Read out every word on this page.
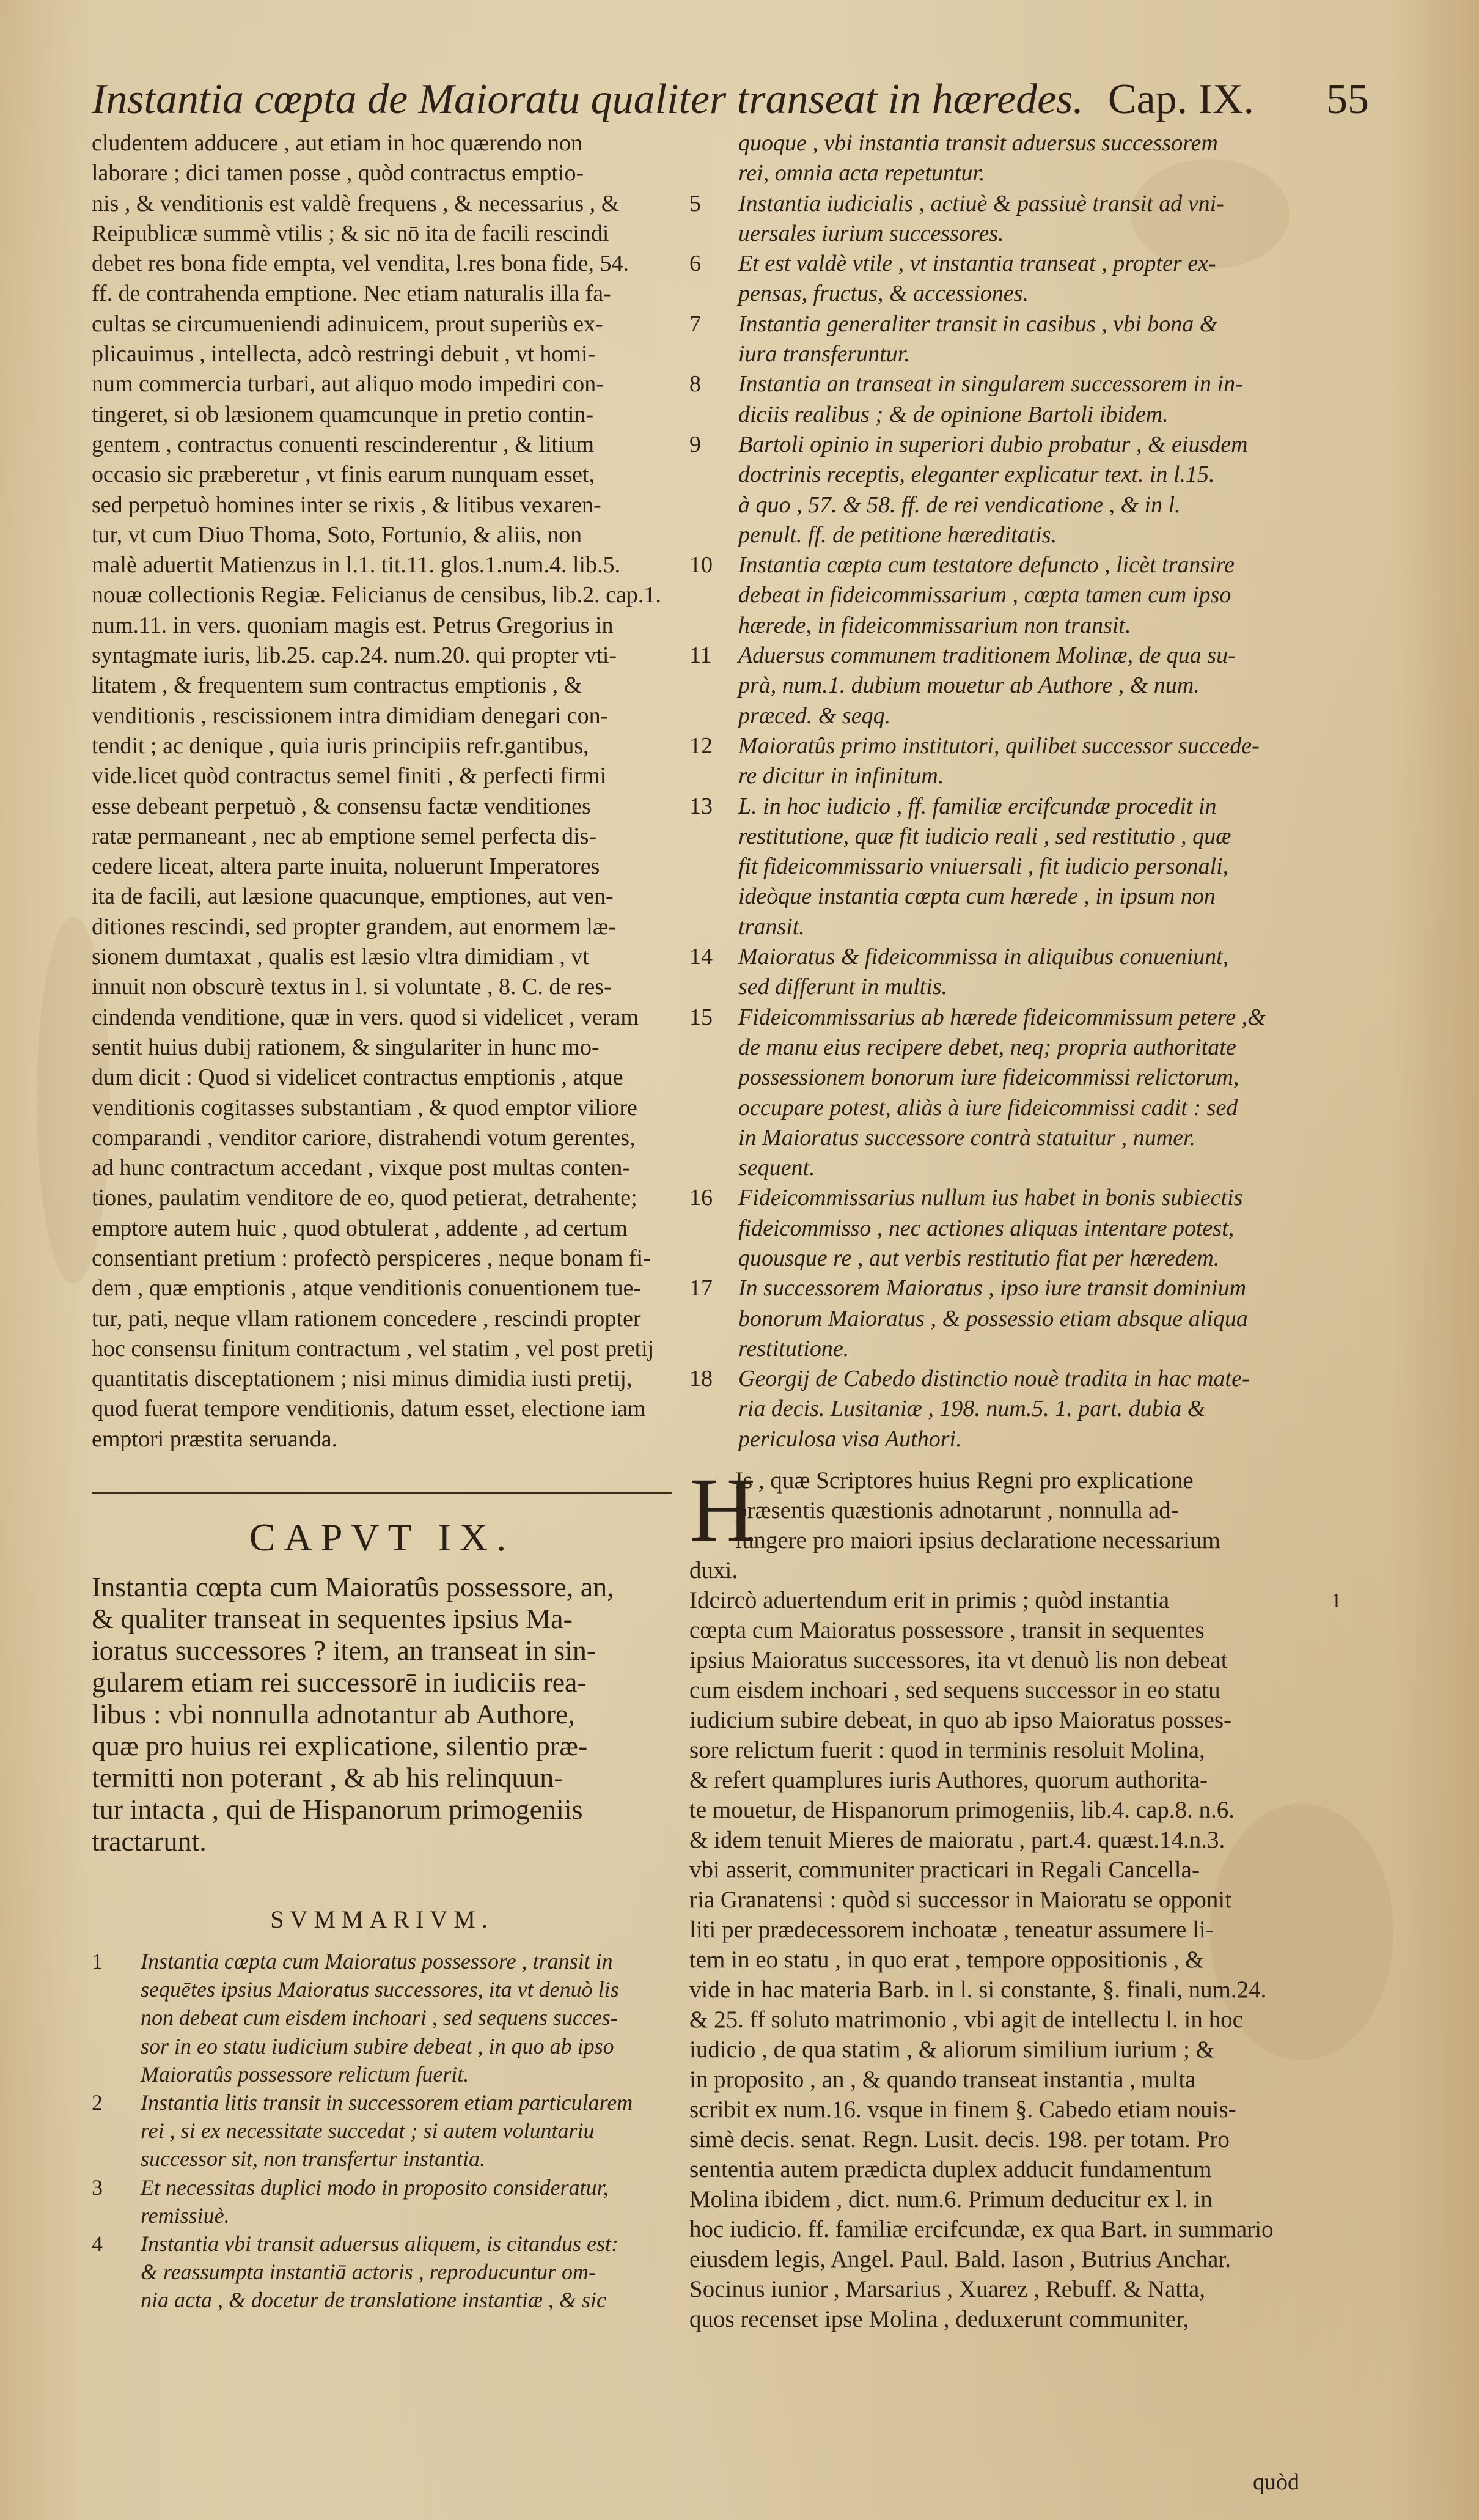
Instantia cœpta de Maioratu qualiter transeat in hæredes. Cap. IX. 55
cludentem adducere , aut etiam in hoc quærendo non
laborare ; dici tamen posse , quòd contractus emptio-
nis , & venditionis est valdè frequens , & necessarius , &
Reipublicæ summè vtilis ; & sic nō ita de facili rescindi
debet res bona fide empta, vel vendita, l.res bona fide, 54.
ff. de contrahenda emptione. Nec etiam naturalis illa fa-
cultas se circumueniendi adinuicem, prout superiùs ex-
plicauimus , intellecta, adcò restringi debuit , vt homi-
num commercia turbari, aut aliquo modo impediri con-
tingeret, si ob læsionem quamcunque in pretio contin-
gentem , contractus conuenti rescinderentur , & litium
occasio sic præberetur , vt finis earum nunquam esset,
sed perpetuò homines inter se rixis , & litibus vexaren-
tur, vt cum Diuo Thoma, Soto, Fortunio, & aliis, non
malè aduertit Matienzus in l.1. tit.11. glos.1.num.4. lib.5.
nouæ collectionis Regiæ. Felicianus de censibus, lib.2. cap.1.
num.11. in vers. quoniam magis est. Petrus Gregorius in
syntagmate iuris, lib.25. cap.24. num.20. qui propter vti-
litatem , & frequentem sum contractus emptionis , &
venditionis , rescissionem intra dimidiam denegari con-
tendit ; ac denique , quia iuris principiis refr.gantibus,
vide.licet quòd contractus semel finiti , & perfecti firmi
esse debeant perpetuò , & consensu factæ venditiones
ratæ permaneant , nec ab emptione semel perfecta dis-
cedere liceat, altera parte inuita, noluerunt Imperatores
ita de facili, aut læsione quacunque, emptiones, aut ven-
ditiones rescindi, sed propter grandem, aut enormem læ-
sionem dumtaxat , qualis est læsio vltra dimidiam , vt
innuit non obscurè textus in l. si voluntate , 8. C. de res-
cindenda venditione, quæ in vers. quod si videlicet , veram
sentit huius dubij rationem, & singulariter in hunc mo-
dum dicit : Quod si videlicet contractus emptionis , atque
venditionis cogitasses substantiam , & quod emptor viliore
comparandi , venditor cariore, distrahendi votum gerentes,
ad hunc contractum accedant , vixque post multas conten-
tiones, paulatim venditore de eo, quod petierat, detrahente;
emptore autem huic , quod obtulerat , addente , ad certum
consentiant pretium : profectò perspiceres , neque bonam fi-
dem , quæ emptionis , atque venditionis conuentionem tue-
tur, pati, neque vllam rationem concedere , rescindi propter
hoc consensu finitum contractum , vel statim , vel post pretij
quantitatis disceptationem ; nisi minus dimidia iusti pretij,
quod fuerat tempore venditionis, datum esset, electione iam
emptori præstita seruanda.
quoque , vbi instantia transit aduersus successorem
rei, omnia acta repetuntur.
Instantia iudicialis , actiuè & passiuè transit ad vni-
5
uersales iurium successores.
Et est valdè vtile , vt instantia transeat , propter ex-
6
pensas, fructus, & accessiones.
Instantia generaliter transit in casibus , vbi bona &
7
iura transferuntur.
Instantia an transeat in singularem successorem in in-
8
diciis realibus ; & de opinione Bartoli ibidem.
Bartoli opinio in superiori dubio probatur , & eiusdem
9
doctrinis receptis, eleganter explicatur text. in l.15.
à quo , 57. & 58. ff. de rei vendicatione , & in l.
penult. ff. de petitione hæreditatis.
Instantia cœpta cum testatore defuncto , licèt transire
10
debeat in fideicommissarium , cœpta tamen cum ipso
hærede, in fideicommissarium non transit.
Aduersus communem traditionem Molinæ, de qua su-
11
prà, num.1. dubium mouetur ab Authore , & num.
præced. & seqq.
Maioratûs primo institutori, quilibet successor succede-
12
re dicitur in infinitum.
L. in hoc iudicio , ff. familiæ ercifcundæ procedit in
13
restitutione, quæ fit iudicio reali , sed restitutio , quæ
fit fideicommissario vniuersali , fit iudicio personali,
ideòque instantia cœpta cum hærede , in ipsum non
transit.
Maioratus & fideicommissa in aliquibus conueniunt,
14
sed differunt in multis.
Fideicommissarius ab hærede fideicommissum petere ,&
15
de manu eius recipere debet, neq; propria authoritate
possessionem bonorum iure fideicommissi relictorum,
occupare potest, aliàs à iure fideicommissi cadit : sed
in Maioratus successore contrà statuitur , numer.
sequent.
Fideicommissarius nullum ius habet in bonis subiectis
16
fideicommisso , nec actiones aliquas intentare potest,
quousque re , aut verbis restitutio fiat per hæredem.
In successorem Maioratus , ipso iure transit dominium
17
bonorum Maioratus , & possessio etiam absque aliqua
restitutione.
Georgij de Cabedo distinctio nouè tradita in hac mate-
18
ria decis. Lusitaniæ , 198. num.5. 1. part. dubia &
periculosa visa Authori.
CAPVT IX.
Instantia cœpta cum Maioratûs possessore, an,
& qualiter transeat in sequentes ipsius Ma-
ioratus successores ? item, an transeat in sin-
gularem etiam rei successorē in iudiciis rea-
libus : vbi nonnulla adnotantur ab Authore,
quæ pro huius rei explicatione, silentio præ-
termitti non poterant , & ab his relinquun-
tur intacta , qui de Hispanorum primogeniis
tractarunt.
SVMMARIVM.
Instantia cœpta cum Maioratus possessore , transit in
1
sequētes ipsius Maioratus successores, ita vt denuò lis
non debeat cum eisdem inchoari , sed sequens succes-
sor in eo statu iudicium subire debeat , in quo ab ipso
Maioratûs possessore relictum fuerit.
Instantia litis transit in successorem etiam particularem
2
rei , si ex necessitate succedat ; si autem voluntariu
successor sit, non transfertur instantia.
Et necessitas duplici modo in proposito consideratur,
3
remissiuè.
Instantia vbi transit aduersus aliquem, is citandus est:
4
& reassumpta instantiā actoris , reproducuntur om-
nia acta , & docetur de translatione instantiæ , & sic
H
Is , quæ Scriptores huius Regni pro explicatione
præsentis quæstionis adnotarunt , nonnulla ad-
iungere pro maiori ipsius declaratione necessarium
duxi.
Idcircò aduertendum erit in primis ; quòd instantia
cœpta cum Maioratus possessore , transit in sequentes
ipsius Maioratus successores, ita vt denuò lis non debeat
cum eisdem inchoari , sed sequens successor in eo statu
iudicium subire debeat, in quo ab ipso Maioratus posses-
sore relictum fuerit : quod in terminis resoluit Molina,
& refert quamplures iuris Authores, quorum authorita-
te mouetur, de Hispanorum primogeniis, lib.4. cap.8. n.6.
& idem tenuit Mieres de maioratu , part.4. quæst.14.n.3.
vbi asserit, communiter practicari in Regali Cancella-
ria Granatensi : quòd si successor in Maioratu se opponit
liti per prædecessorem inchoatæ , teneatur assumere li-
tem in eo statu , in quo erat , tempore oppositionis , &
vide in hac materia Barb. in l. si constante, §. finali, num.24.
& 25. ff soluto matrimonio , vbi agit de intellectu l. in hoc
iudicio , de qua statim , & aliorum similium iurium ; &
in proposito , an , & quando transeat instantia , multa
scribit ex num.16. vsque in finem §. Cabedo etiam nouis-
simè decis. senat. Regn. Lusit. decis. 198. per totam. Pro
sententia autem prædicta duplex adducit fundamentum
Molina ibidem , dict. num.6. Primum deducitur ex l. in
hoc iudicio. ff. familiæ ercifcundæ, ex qua Bart. in summario
eiusdem legis, Angel. Paul. Bald. Iason , Butrius Anchar.
Socinus iunior , Marsarius , Xuarez , Rebuff. & Natta,
quos recenset ipse Molina , deduxerunt communiter,
1
quòd
